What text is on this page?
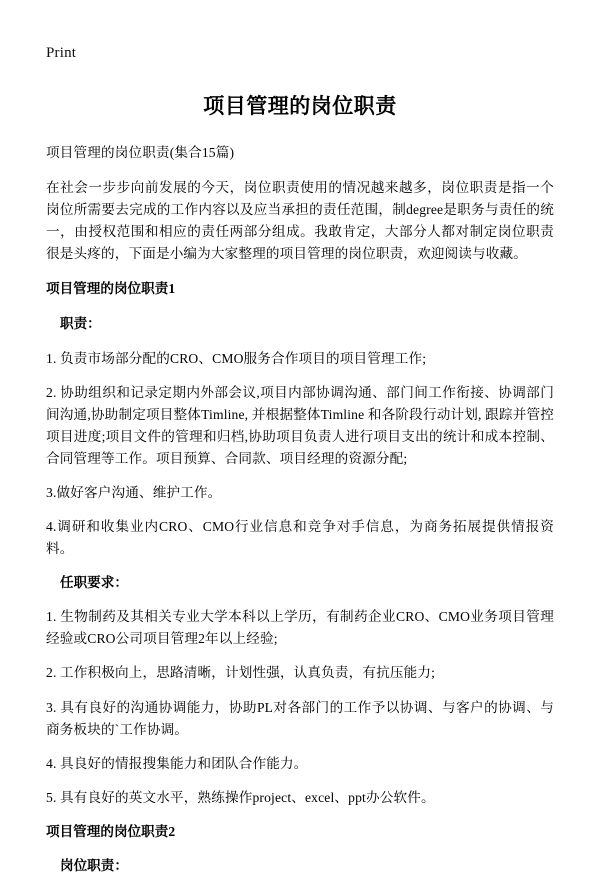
Print
项目管理的岗位职责

项目管理的岗位职责(集合15篇)

在社会一步步向前发展的今天，岗位职责使用的情况越来越多，岗位职责是指一个岗位所需要去完成的工作内容以及应当承担的责任范围，制degree是职务与责任的统一，由授权范围和相应的责任两部分组成。我敢肯定，大部分人都对制定岗位职责很是头疼的，下面是小编为大家整理的项目管理的岗位职责，欢迎阅读与收藏。

项目管理的岗位职责1
职责：

1. 负责市场部分配的CRO、CMO服务合作项目的项目管理工作;

2. 协助组织和记录定期内外部会议,项目内部协调沟通、部门间工作衔接、协调部门间沟通,协助制定项目整体Timline, 并根据整体Timline 和各阶段行动计划, 跟踪并管控项目进度;项目文件的管理和归档,协助项目负责人进行项目支出的统计和成本控制、合同管理等工作。项目预算、合同款、项目经理的资源分配;

3.做好客户沟通、维护工作。

4.调研和收集业内CRO、CMO行业信息和竞争对手信息，为商务拓展提供情报资料。

任职要求：

1. 生物制药及其相关专业大学本科以上学历，有制药企业CRO、CMO业务项目管理经验或CRO公司项目管理2年以上经验;

2. 工作积极向上，思路清晰，计划性强，认真负责，有抗压能力;

3. 具有良好的沟通协调能力，协助PL对各部门的工作予以协调、与客户的协调、与商务板块的`工作协调。

4. 具良好的情报搜集能力和团队合作能力。

5. 具有良好的英文水平，熟练操作project、excel、ppt办公软件。

项目管理的岗位职责2
岗位职责：
